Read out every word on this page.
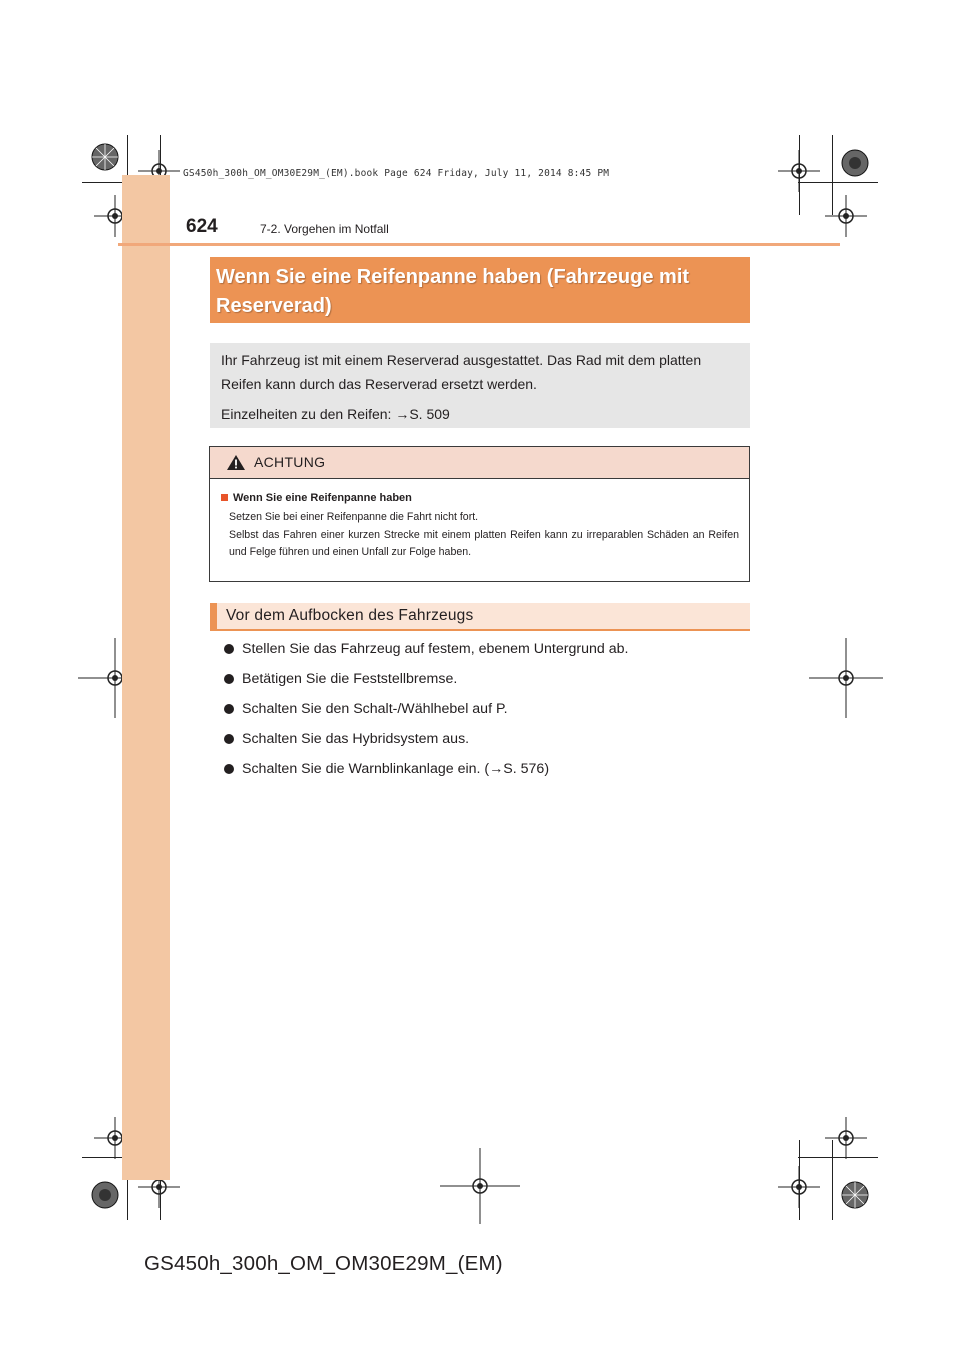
GS450h_300h_OM_OM30E29M_(EM).book Page 624 Friday, July 11, 2014 8:45 PM
624	7-2. Vorgehen im Notfall
Wenn Sie eine Reifenpanne haben (Fahrzeuge mit
Reserverad)

Ihr Fahrzeug ist mit einem Reserverad ausgestattet. Das Rad mit dem platten

Reifen kann durch das Reserverad ersetzt werden.

Einzelheiten zu den Reifen: →S. 509

ACHTUNG
Wenn Sie eine Reifenpanne haben

Setzen Sie bei einer Reifenpanne die Fahrt nicht fort.

Selbst das Fahren einer kurzen Strecke mit einem platten Reifen kann zu irreparablen Schäden an Reifen und Felge führen und einen Unfall zur Folge haben.

Vor dem Aufbocken des Fahrzeugs
Stellen Sie das Fahrzeug auf festem, ebenem Untergrund ab.
Betätigen Sie die Feststellbremse.
Schalten Sie den Schalt-/Wählhebel auf P.
Schalten Sie das Hybridsystem aus.
Schalten Sie die Warnblinkanlage ein. (→S. 576)
GS450h_300h_OM_OM30E29M_(EM)
